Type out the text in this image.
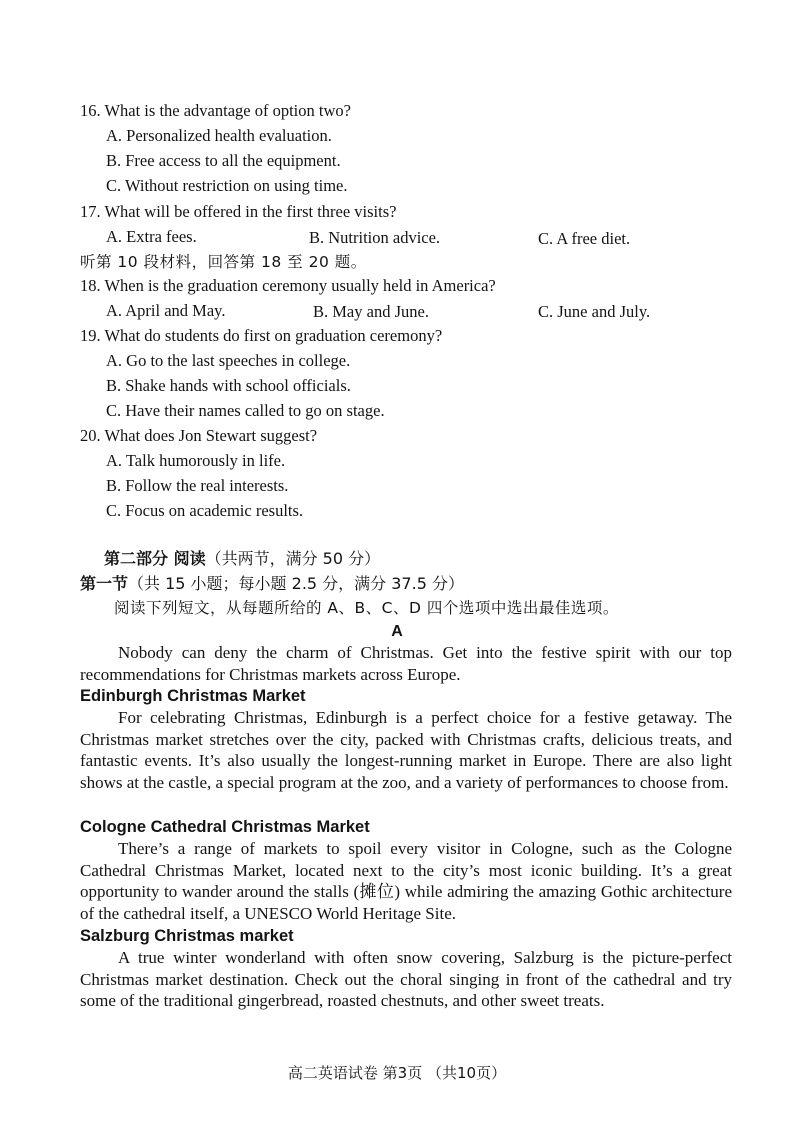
16. What is the advantage of option two?
A. Personalized health evaluation.
B. Free access to all the equipment.
C. Without restriction on using time.
17. What will be offered in the first three visits?
A. Extra fees.	B. Nutrition advice.	C. A free diet.
听第 10 段材料，回答第 18 至 20 题。
18. When is the graduation ceremony usually held in America?
A. April and May.	B. May and June.	C. June and July.
19. What do students do first on graduation ceremony?
A. Go to the last speeches in college.
B. Shake hands with school officials.
C. Have their names called to go on stage.
20. What does Jon Stewart suggest?
A. Talk humorously in life.
B. Follow the real interests.
C. Focus on academic results.
第二部分 阅读（共两节，满分 50 分）
第一节（共 15 小题；每小题 2.5 分，满分 37.5 分）
阅读下列短文，从每题所给的 A、B、C、D 四个选项中选出最佳选项。
A
Nobody can deny the charm of Christmas. Get into the festive spirit with our top recommendations for Christmas markets across Europe.
Edinburgh Christmas Market
For celebrating Christmas, Edinburgh is a perfect choice for a festive getaway. The Christmas market stretches over the city, packed with Christmas crafts, delicious treats, and fantastic events. It’s also usually the longest-running market in Europe. There are also light shows at the castle, a special program at the zoo, and a variety of performances to choose from.
Cologne Cathedral Christmas Market
There’s a range of markets to spoil every visitor in Cologne, such as the Cologne Cathedral Christmas Market, located next to the city’s most iconic building. It’s a great opportunity to wander around the stalls (摊位) while admiring the amazing Gothic architecture of the cathedral itself, a UNESCO World Heritage Site.
Salzburg Christmas market
A true winter wonderland with often snow covering, Salzburg is the picture-perfect Christmas market destination. Check out the choral singing in front of the cathedral and try some of the traditional gingerbread, roasted chestnuts, and other sweet treats.
高二英语试卷 第3页 （共10页）
